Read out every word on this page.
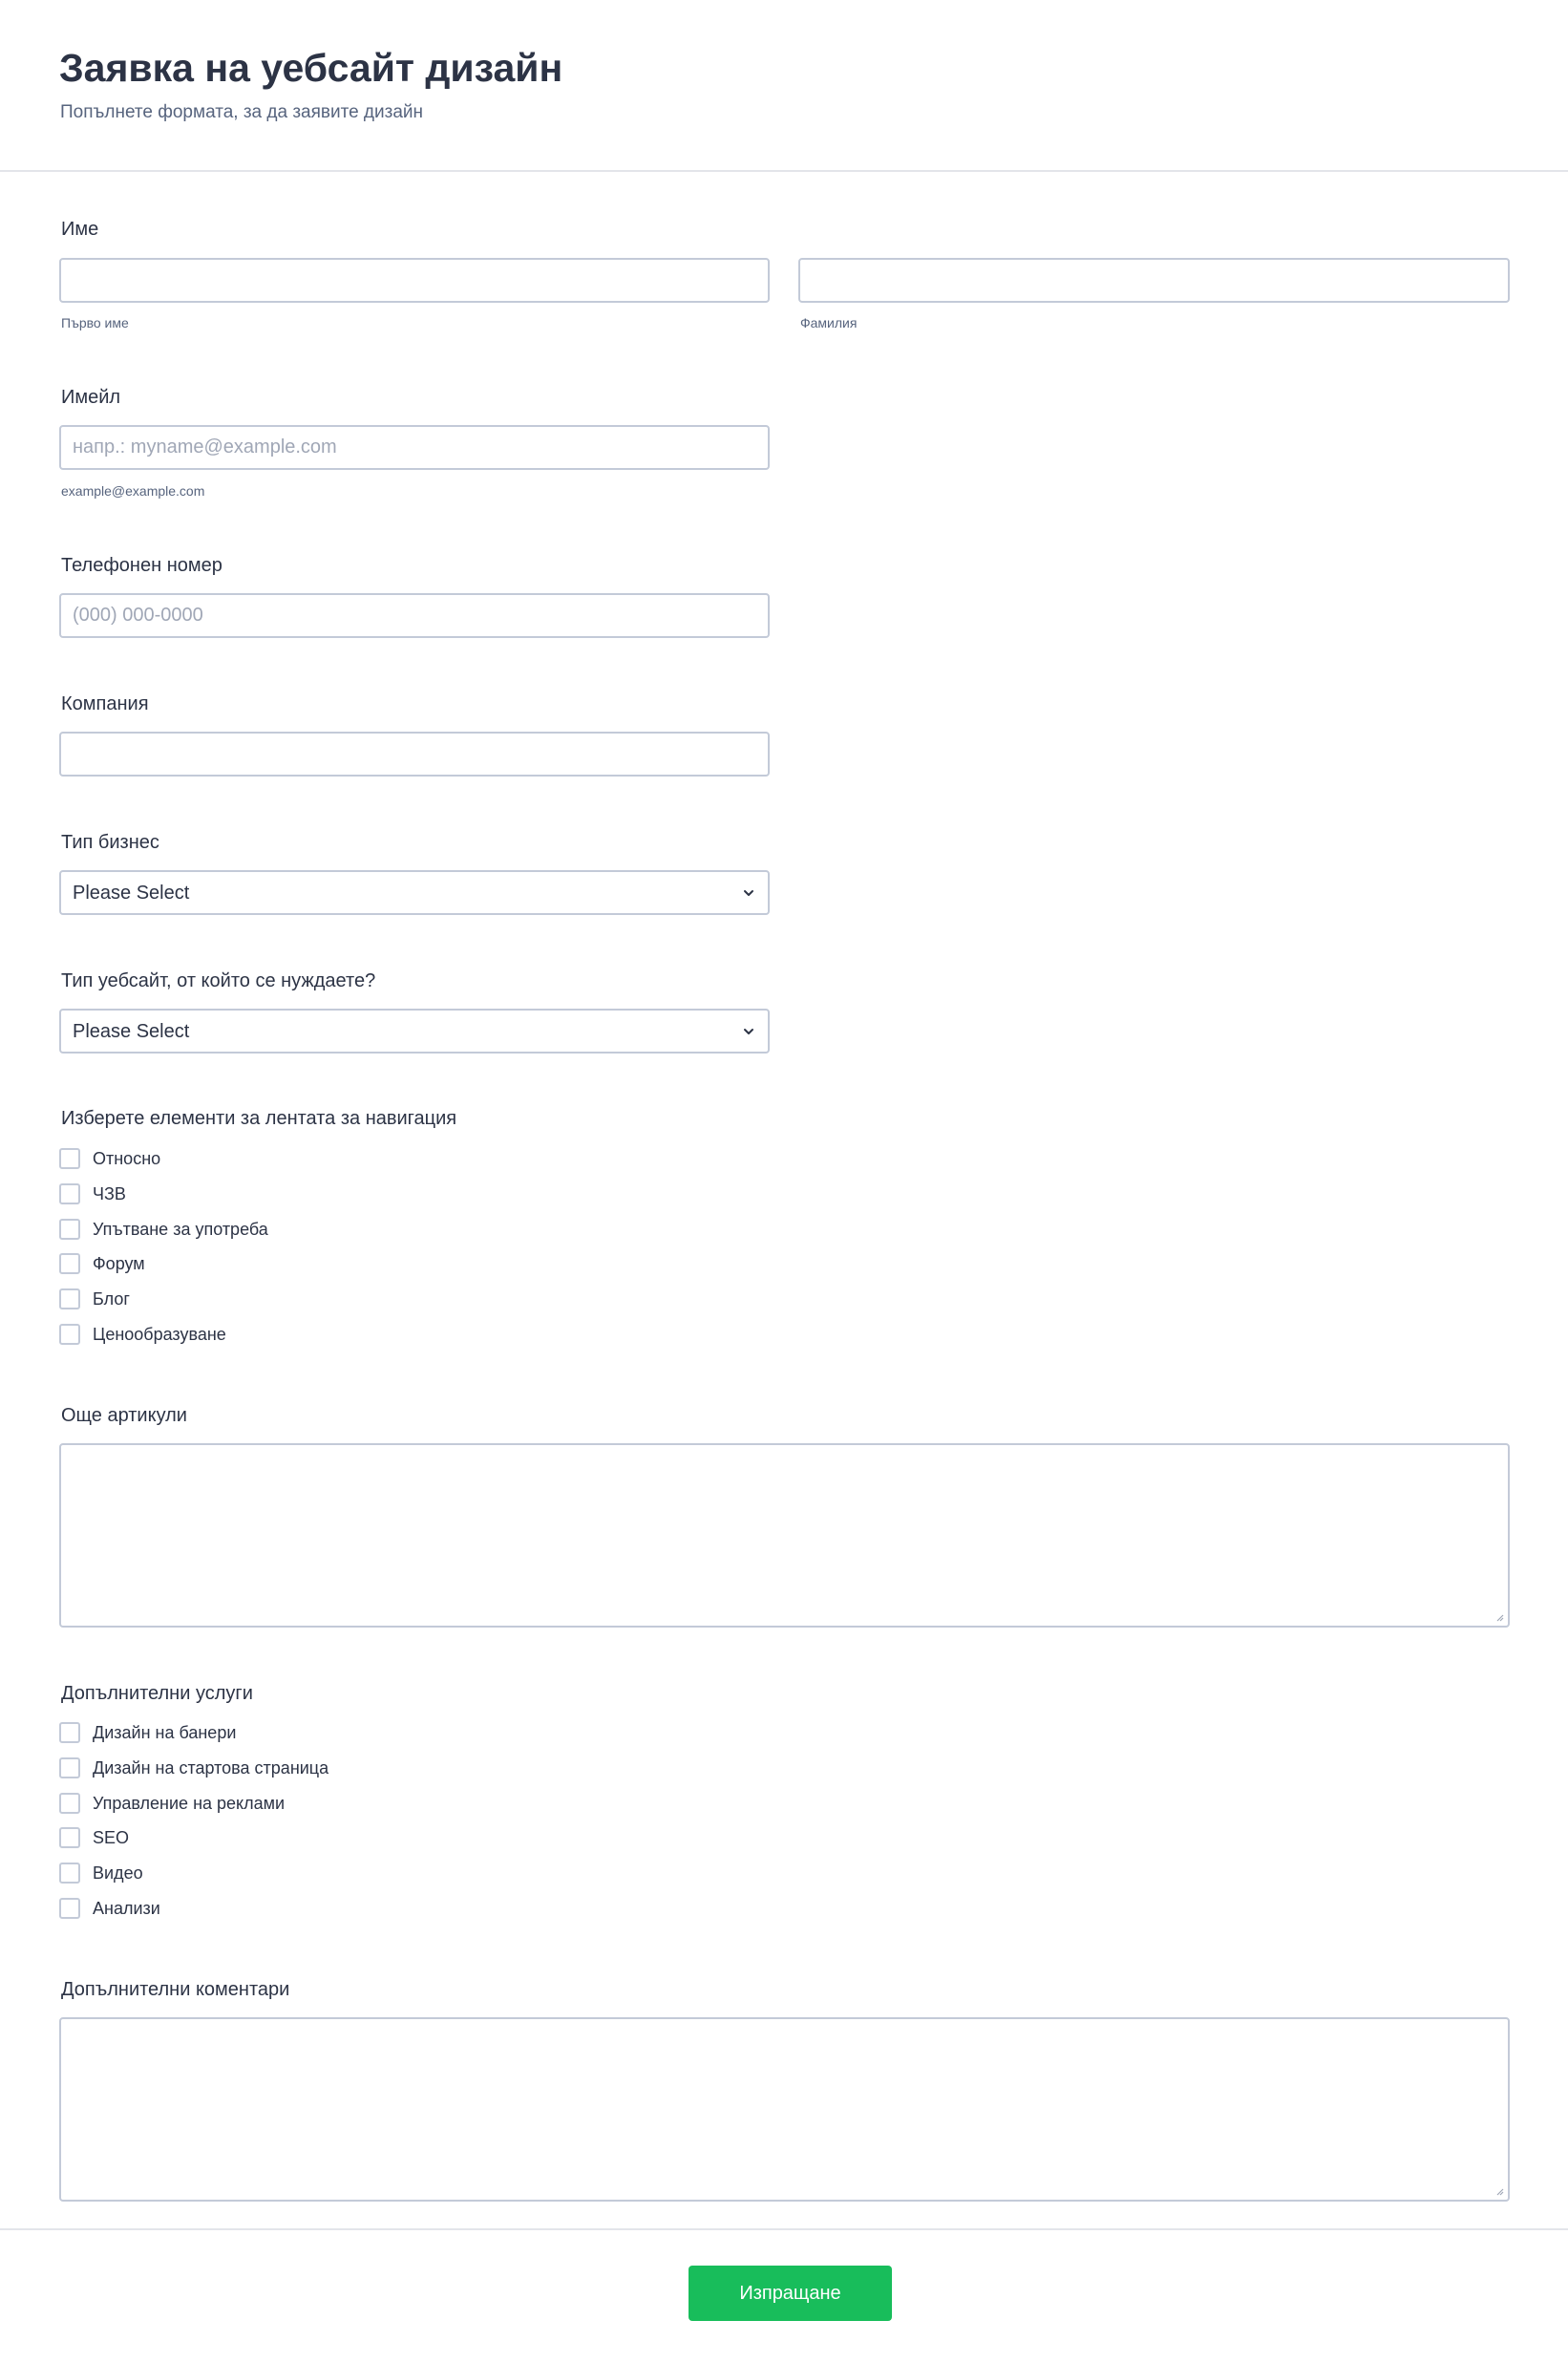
Заявка на уебсайт дизайн

Попълнете формата, за да заявите дизайн

Име
Първо име	Фамилия
Имейл
напр.: myname@example.com
example@example.com
Телефонен номер
(000) 000-0000
Компания
Тип бизнес
Please Select
Тип уебсайт, от който се нуждаете?
Please Select
Изберете елементи за лентата за навигация
Относно
ЧЗВ
Упътване за употреба
Форум
Блог
Ценообразуване
Още артикули
Допълнителни услуги
Дизайн на банери
Дизайн на стартова страница
Управление на реклами
SEO
Видео
Анализи
Допълнителни коментари
Изпращане
